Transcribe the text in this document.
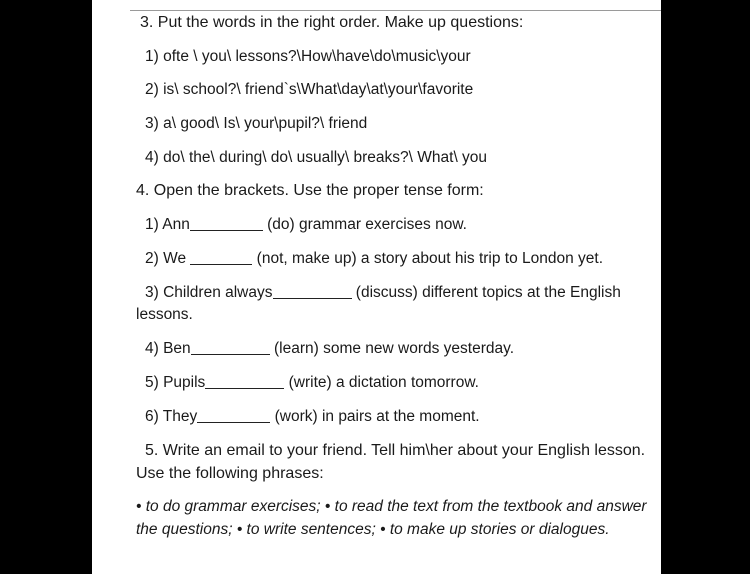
3. Put the words in the right order. Make up questions:
1) ofte \ you\ lessons?\How\have\do\music\your
2) is\ school?\ friend`s\What\day\at\your\favorite
3) a\ good\ Is\ your\pupil?\ friend
4) do\ the\ during\ do\ usually\ breaks?\ What\ you
4. Open the brackets. Use the proper tense form:
1) Ann	(do) grammar exercises now.
2) We	(not, make up) a story about his trip to London yet.
3) Children always	(discuss) different topics at the English
lessons.
4) Ben	(learn) some new words yesterday.
5) Pupils	(write) a dictation tomorrow.
6) They	(work) in pairs at the moment.
5. Write an email to your friend. Tell him\her about your English lesson.
Use the following phrases:
• to do grammar exercises; • to read the text from the textbook and answer
the questions; • to write sentences; • to make up stories or dialogues.
